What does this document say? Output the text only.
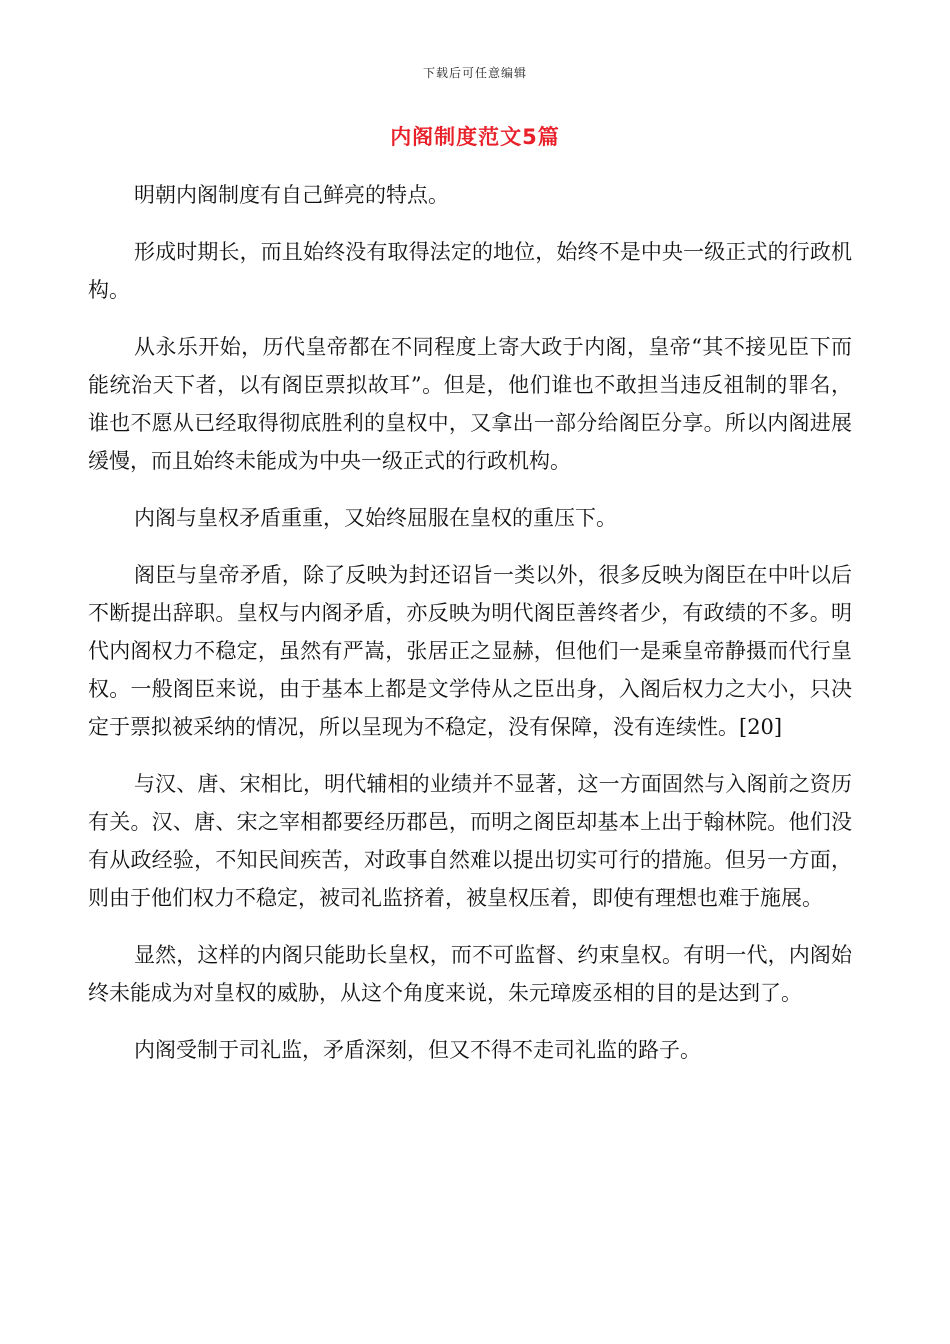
下载后可任意编辑
内阁制度范文5篇

明朝内阁制度有自己鲜亮的特点。

形成时期长，而且始终没有取得法定的地位，始终不是中央一级正式的行政机构。

从永乐开始，历代皇帝都在不同程度上寄大政于内阁，皇帝“其不接见臣下而能统治天下者，以有阁臣票拟故耳”。但是，他们谁也不敢担当违反祖制的罪名，谁也不愿从已经取得彻底胜利的皇权中，又拿出一部分给阁臣分享。所以内阁进展缓慢，而且始终未能成为中央一级正式的行政机构。

内阁与皇权矛盾重重，又始终屈服在皇权的重压下。

阁臣与皇帝矛盾，除了反映为封还诏旨一类以外，很多反映为阁臣在中叶以后不断提出辞职。皇权与内阁矛盾，亦反映为明代阁臣善终者少，有政绩的不多。明代内阁权力不稳定，虽然有严嵩，张居正之显赫，但他们一是乘皇帝静摄而代行皇权。一般阁臣来说，由于基本上都是文学侍从之臣出身，入阁后权力之大小，只决定于票拟被采纳的情况，所以呈现为不稳定，没有保障，没有连续性。[20]

与汉、唐、宋相比，明代辅相的业绩并不显著，这一方面固然与入阁前之资历有关。汉、唐、宋之宰相都要经历郡邑，而明之阁臣却基本上出于翰林院。他们没有从政经验，不知民间疾苦，对政事自然难以提出切实可行的措施。但另一方面，则由于他们权力不稳定，被司礼监挤着，被皇权压着，即使有理想也难于施展。

显然，这样的内阁只能助长皇权，而不可监督、约束皇权。有明一代，内阁始终未能成为对皇权的威胁，从这个角度来说，朱元璋废丞相的目的是达到了。

内阁受制于司礼监，矛盾深刻，但又不得不走司礼监的路子。
